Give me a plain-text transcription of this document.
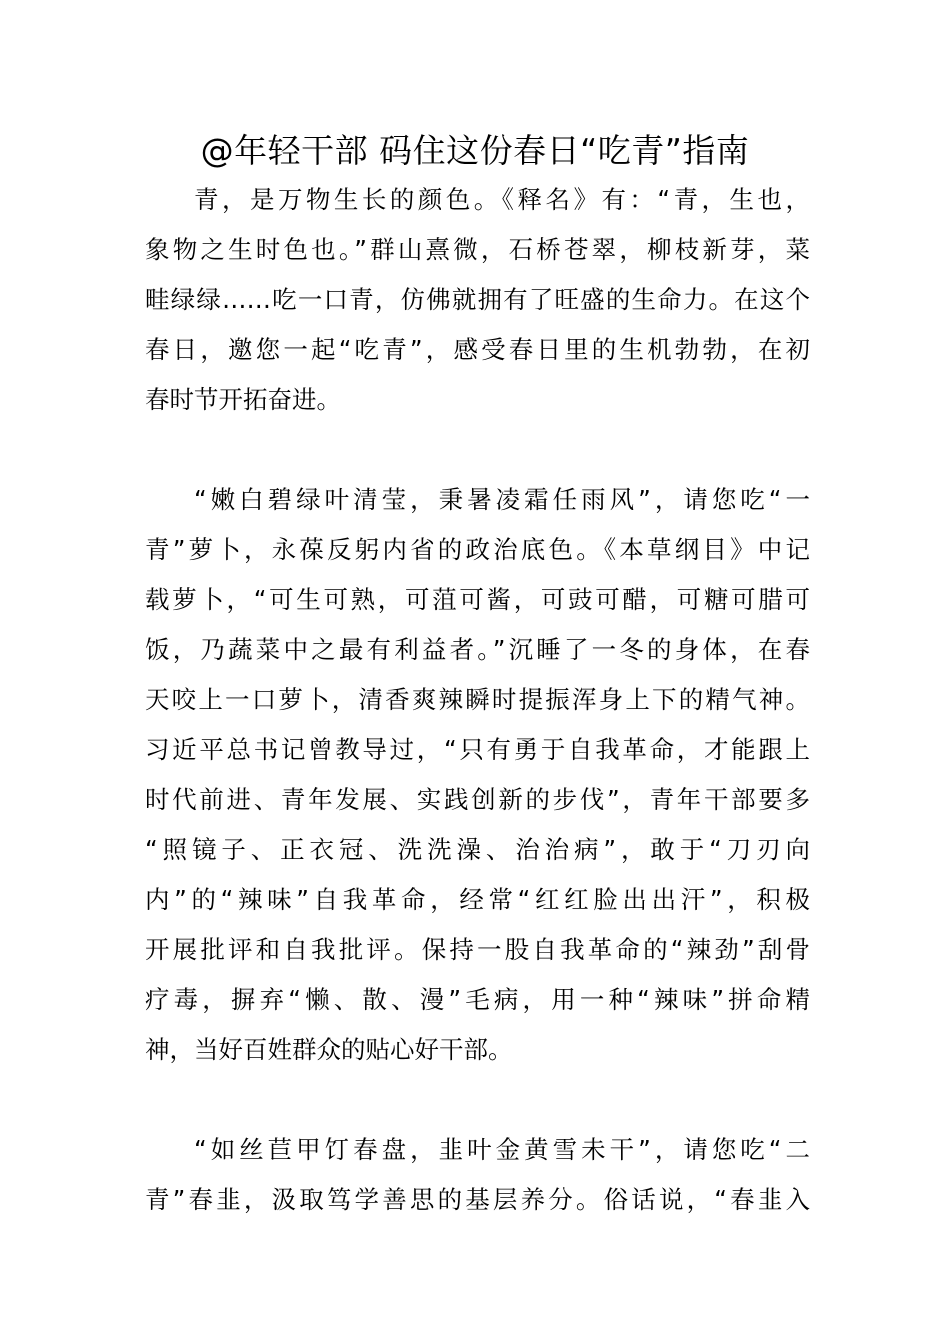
@年轻干部 码住这份春日“吃青”指南
青，是万物生长的颜色。《释名》有：“青，生也，
象物之生时色也。”群山熹微，石桥苍翠，柳枝新芽，菜
畦绿绿……吃一口青，仿佛就拥有了旺盛的生命力。在这个
春日，邀您一起“吃青”，感受春日里的生机勃勃，在初
春时节开拓奋进。
“嫩白碧绿叶清莹，秉暑凌霜任雨风”，请您吃“一
青”萝卜，永葆反躬内省的政治底色。《本草纲目》中记
载萝卜，“可生可熟，可菹可酱，可豉可醋，可糖可腊可
饭，乃蔬菜中之最有利益者。”沉睡了一冬的身体，在春
天咬上一口萝卜，清香爽辣瞬时提振浑身上下的精气神。
习近平总书记曾教导过，“只有勇于自我革命，才能跟上
时代前进、青年发展、实践创新的步伐”，青年干部要多
“照镜子、正衣冠、洗洗澡、治治病”，敢于“刀刃向
内”的“辣味”自我革命，经常“红红脸出出汗”，积极
开展批评和自我批评。保持一股自我革命的“辣劲”刮骨
疗毒，摒弃“懒、散、漫”毛病，用一种“辣味”拼命精
神，当好百姓群众的贴心好干部。
“如丝苣甲饤春盘，韭叶金黄雪未干”，请您吃“二
青”春韭，汲取笃学善思的基层养分。俗话说，“春韭入
